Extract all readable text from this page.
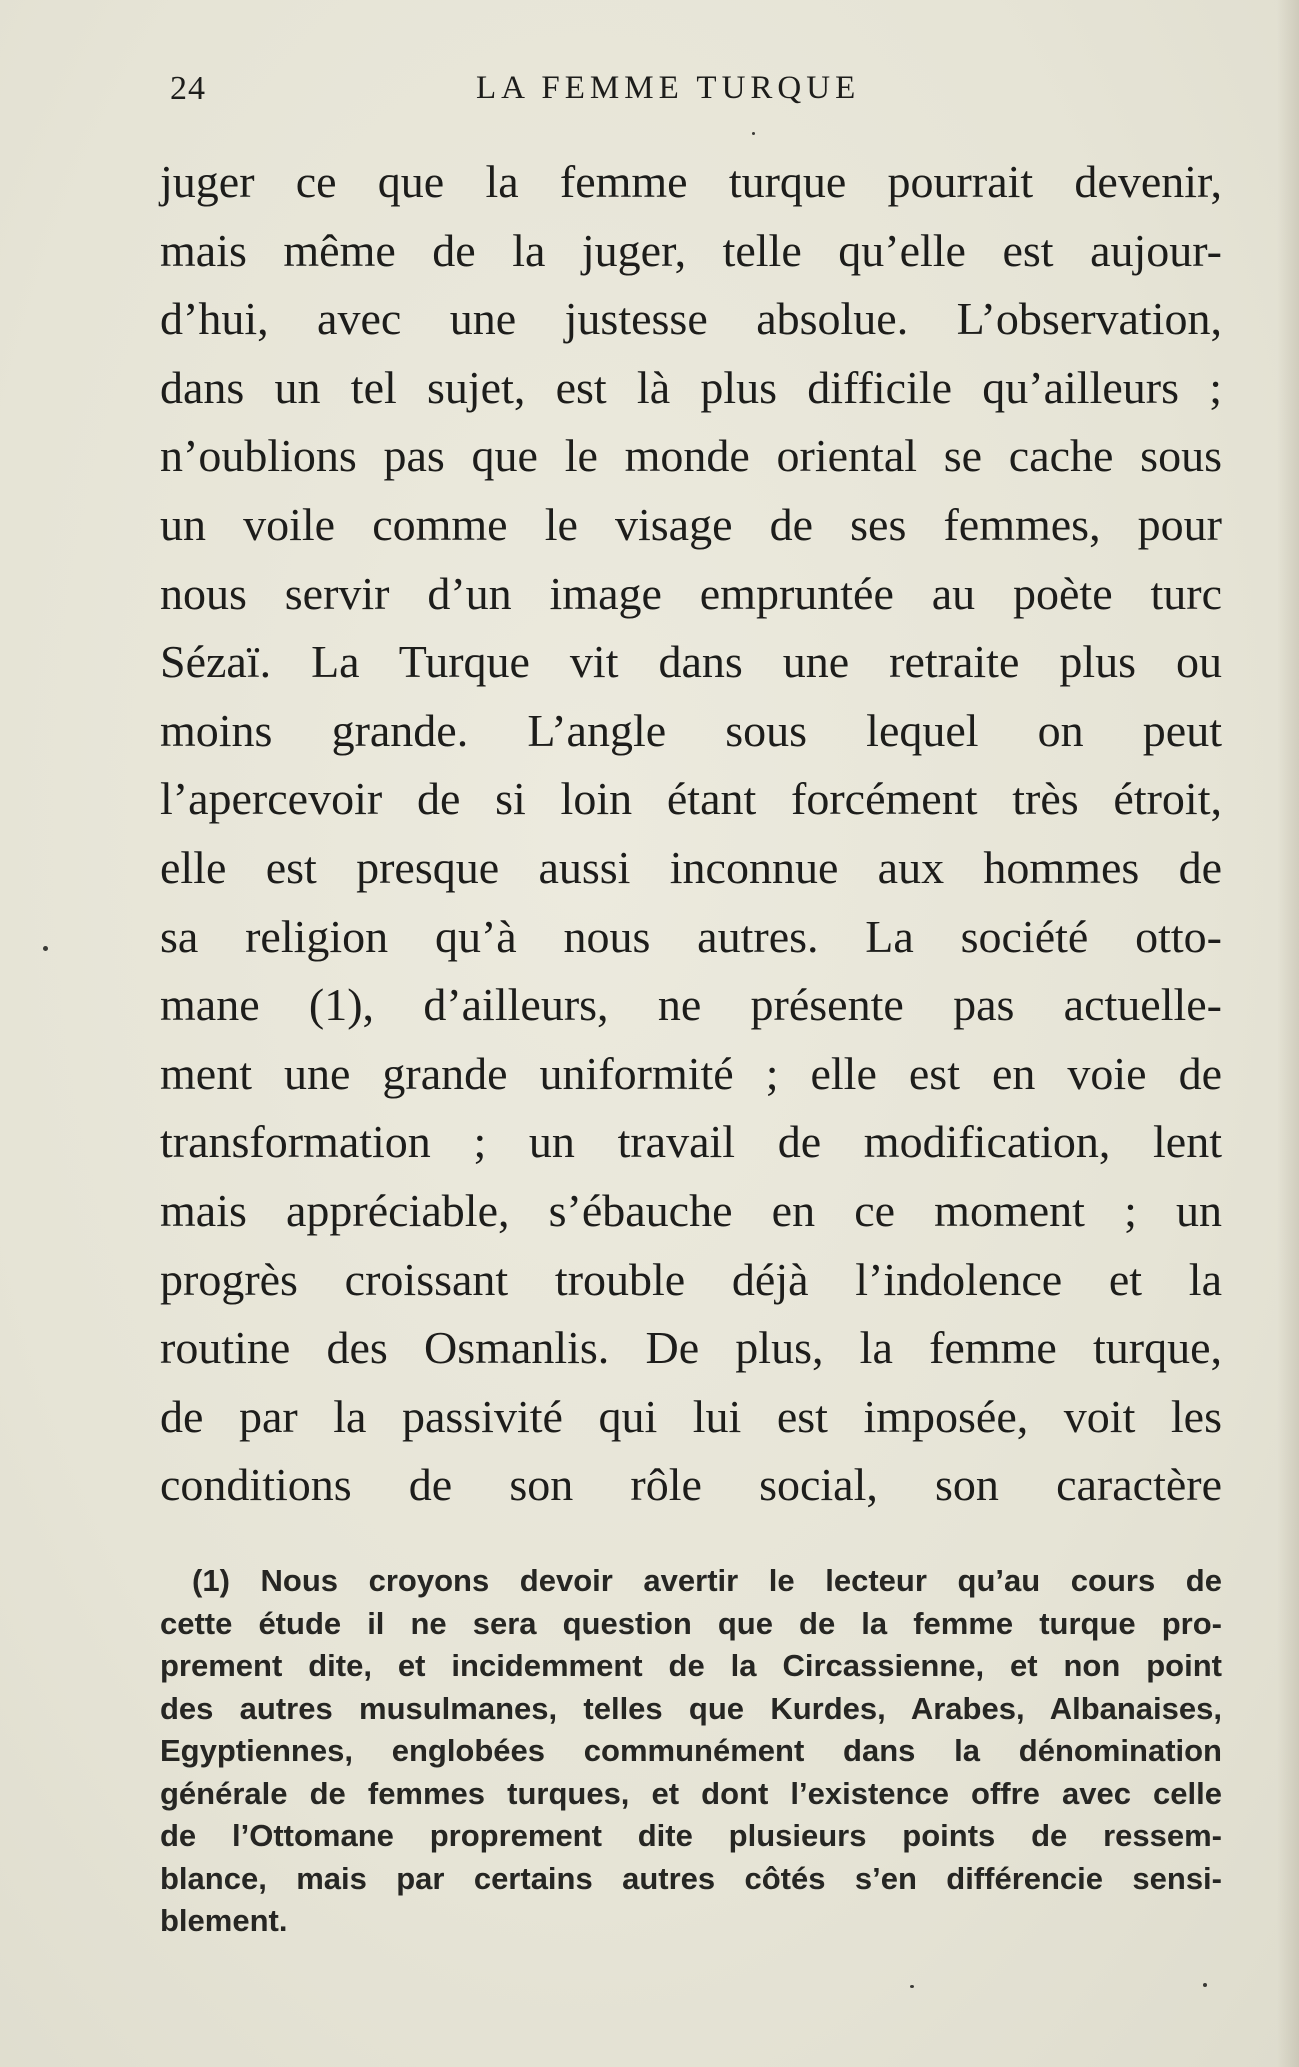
24	LA FEMME TURQUE
juger ce que la femme turque pourrait devenir,
mais même de la juger, telle qu’elle est aujour-
d’hui, avec une justesse absolue. L’observation,
dans un tel sujet, est là plus difficile qu’ailleurs ;
n’oublions pas que le monde oriental se cache sous
un voile comme le visage de ses femmes, pour
nous servir d’un image empruntée au poète turc
Sézaï. La Turque vit dans une retraite plus ou
moins grande. L’angle sous lequel on peut
l’apercevoir de si loin étant forcément très étroit,
elle est presque aussi inconnue aux hommes de
sa religion qu’à nous autres. La société otto-
mane (1), d’ailleurs, ne présente pas actuelle-
ment une grande uniformité ; elle est en voie de
transformation ; un travail de modification, lent
mais appréciable, s’ébauche en ce moment ; un
progrès croissant trouble déjà l’indolence et la
routine des Osmanlis. De plus, la femme turque,
de par la passivité qui lui est imposée, voit les
conditions de son rôle social, son caractère
(1) Nous croyons devoir avertir le lecteur qu’au cours de
cette étude il ne sera question que de la femme turque pro-
prement dite, et incidemment de la Circassienne, et non point
des autres musulmanes, telles que Kurdes, Arabes, Albanaises,
Egyptiennes, englobées communément dans la dénomination
générale de femmes turques, et dont l’existence offre avec celle
de l’Ottomane proprement dite plusieurs points de ressem-
blance, mais par certains autres côtés s’en différencie sensi-
blement.
